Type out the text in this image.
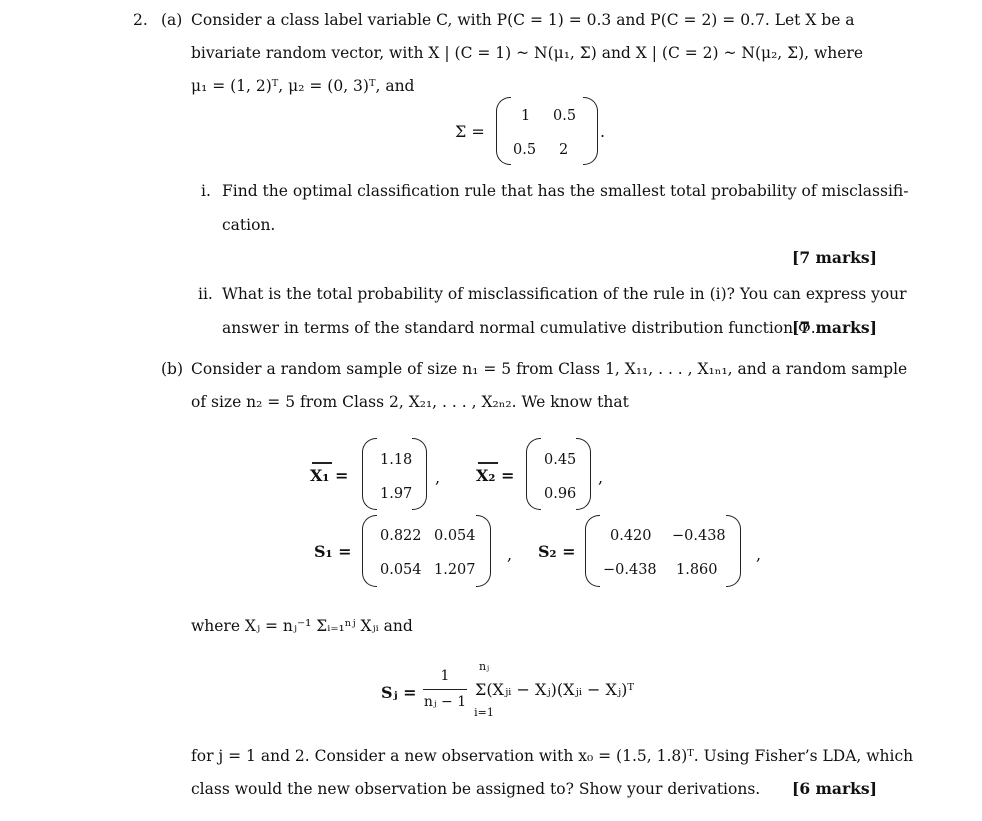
2. (a) Consider a class label variable C, with P(C = 1) = 0.3 and P(C = 2) = 0.7. Let X be a
bivariate random vector, with X | (C = 1) ~ N(μ₁, Σ) and X | (C = 2) ~ N(μ₂, Σ), where
μ₁ = (1, 2)ᵀ, μ₂ = (0, 3)ᵀ, and
Σ =
1 0.5
0.5 2
.
i. Find the optimal classification rule that has the smallest total probability of misclassifi-
cation.
[7 marks]
ii. What is the total probability of misclassification of the rule in (i)? You can express your
answer in terms of the standard normal cumulative distribution function Φ.
[7 marks]
(b) Consider a random sample of size n₁ = 5 from Class 1, X₁₁, . . . , X₁ₙ₁, and a random sample
of size n₂ = 5 from Class 2, X₂₁, . . . , X₂ₙ₂. We know that
X₁ =
1.18
1.97
, X₂ =
0.45
0.96
,
S₁ =
0.822 0.054
0.054 1.207
, S₂ =
0.420 −0.438
−0.438 1.860
,
where Xⱼ = nⱼ⁻¹ Σᵢ₌₁ⁿʲ Xⱼᵢ and
Sⱼ =
1
nⱼ − 1
nⱼ
i=1
Σ(Xⱼᵢ − Xⱼ)(Xⱼᵢ − Xⱼ)ᵀ
for j = 1 and 2. Consider a new observation with x₀ = (1.5, 1.8)ᵀ. Using Fisher’s LDA, which
class would the new observation be assigned to? Show your derivations. [6 marks]
